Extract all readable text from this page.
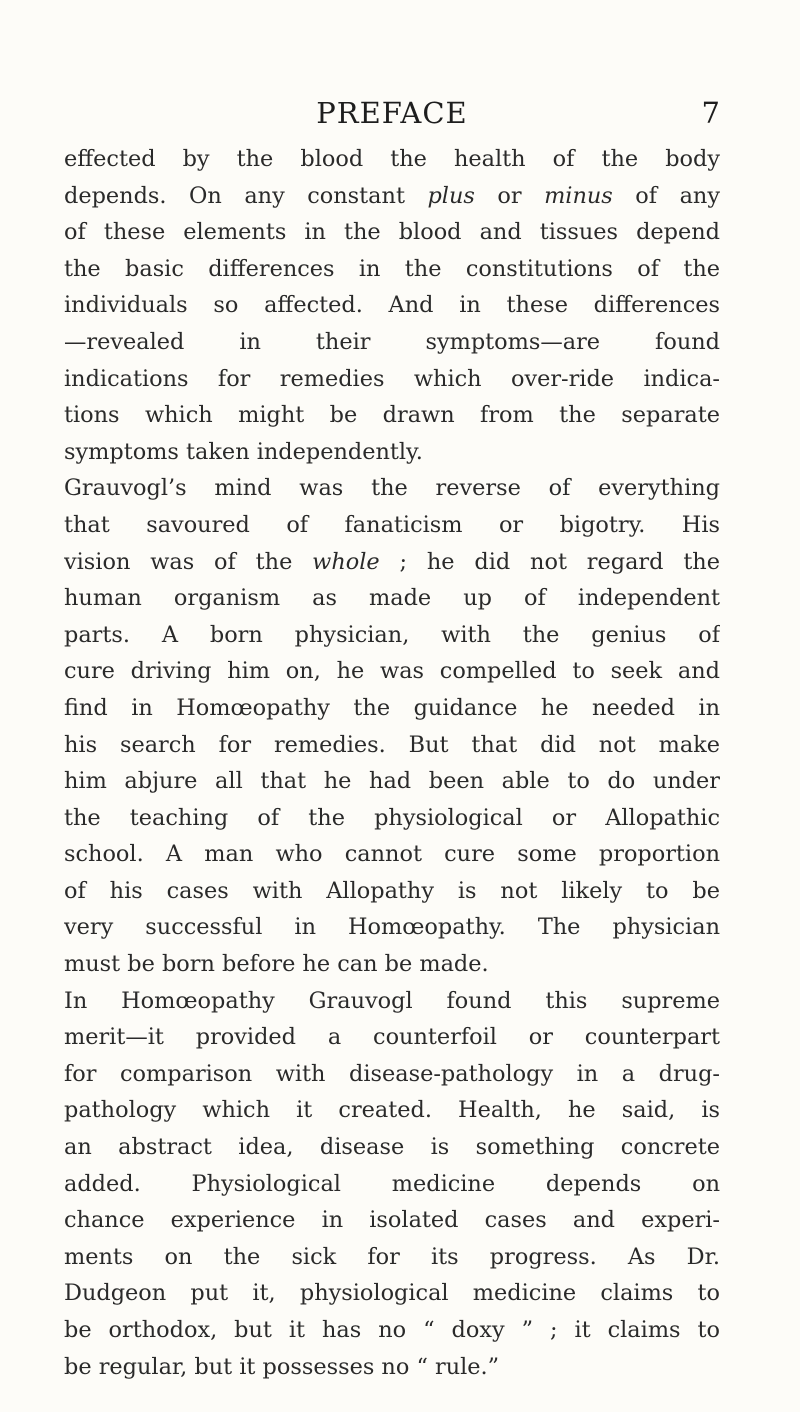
PREFACE	7
effected by the blood the health of the body
depends. On any constant plus or minus of any
of these elements in the blood and tissues depend
the basic differences in the constitutions of the
individuals so affected. And in these differences
—revealed in their symptoms—are found
indications for remedies which over-ride indica-
tions which might be drawn from the separate
symptoms taken independently.
Grauvogl’s mind was the reverse of everything
that savoured of fanaticism or bigotry. His
vision was of the whole ; he did not regard the
human organism as made up of independent
parts. A born physician, with the genius of
cure driving him on, he was compelled to seek and
find in Homœopathy the guidance he needed in
his search for remedies. But that did not make
him abjure all that he had been able to do under
the teaching of the physiological or Allopathic
school. A man who cannot cure some proportion
of his cases with Allopathy is not likely to be
very successful in Homœopathy. The physician
must be born before he can be made.
In Homœopathy Grauvogl found this supreme
merit—it provided a counterfoil or counterpart
for comparison with disease-pathology in a drug-
pathology which it created. Health, he said, is
an abstract idea, disease is something concrete
added. Physiological medicine depends on
chance experience in isolated cases and experi-
ments on the sick for its progress. As Dr.
Dudgeon put it, physiological medicine claims to
be orthodox, but it has no “ doxy ” ; it claims to
be regular, but it possesses no “ rule.”
